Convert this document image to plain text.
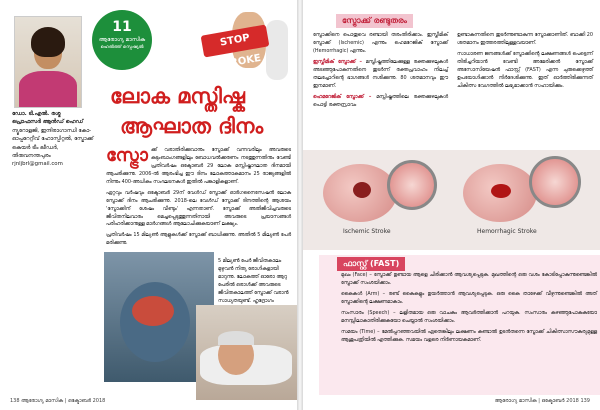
ഡോ. ടി.എൽ. രശ്മ
പ്രൊഫസർ ആൻഡ് ഹെഡ്
ന്യൂറോളജി, ഇന്ദിരാഗാന്ധി കോ-ഓപ്പറേറ്റീവ് ഹോസ്പിറ്റൽ, സ്ട്രോക്ക് കെയർ ടീം ലീഡർ, തിരുവനന്തപുരം
rjnljbrl@gmail.com
11
ആരോഗ്യ മാസിക
ഹെൽത്ത് സ്പെഷ്യൽ	STOP STROKE
ലോക മസ്തിഷ്ക
ആഘാത ദിനം
സ്ട്രോ ക്ക് വരാതിരിക്കുവാനും സ്ട്രോക്ക് വന്നവരിലും അവരുടെ കുടുംബാംഗങ്ങളിലും ബോധവൽക്കരണം നടത്തുന്നതിനും വേണ്ടി പ്രതിവർഷം ഒക്ടോബർ 29 ലോക മസ്തിഷ്കാഘാത ദിനമായി ആചരിക്കുന്നു. 2006-ൽ ആരംഭിച്ച ഈ ദിനം ലോകത്താകമാനം 25 രാജ്യങ്ങളിൽ നിന്നും 400-അധികം സംഘടനകൾ ഇതിൽ പങ്കാളികളാണ്.
ഏറ്റവും വർഷവും ഒക്ടോബർ 29ന് വേൾഡ് സ്ട്രോക്ക് ഓർഗനൈസേഷൻ ലോക സ്ട്രോക്ക് ദിനം ആചരിക്കുന്നു. 2018-ലെ വേൾഡ് സ്ട്രോക്ക് ദിനത്തിന്റെ ആശയം 'സ്ട്രോക്കിന് ശേഷം വീണ്ടും' എന്നതാണ്. സ്ട്രോക്ക് അതിജീവിച്ചവരുടെ ജീവിതനിലവാരം മെച്ചപ്പെടുത്തുന്നതിനായി അവരുടെ പ്രയാസങ്ങൾ പരിഹരിക്കാനുള്ള മാർഗങ്ങൾ ആലോചിക്കുകയാണ് ലക്ഷ്യം.
പ്രതിവർഷം 15 മില്യൺ ആളുകൾക്ക് സ്ട്രോക്ക് ബാധിക്കുന്നു. അതിൽ 5 മില്യൺ പേർ മരിക്കുന്നു.
5 മില്യൺ പേർ ജീവിതകാലം മുഴുവൻ നിത്യ രോഗികളായി മാറുന്നു. ലോകത്ത് ഓരോ ആറു പേരിൽ ഒരാൾക്ക് അവരുടെ ജീവിതകാലത്ത് സ്ട്രോക്ക് വരാൻ സാധ്യതയുണ്ട്. ഹൃദ്രോഗം
138 ആരോഗ്യ മാസിക | ഒക്ടോബർ 2018
സ്ട്രോക്ക് രണ്ടുതരം
സ്ട്രോക്കിനെ പൊതുവെ രണ്ടായി തരംതിരിക്കാം. ഇസ്കീമിക് സ്ട്രോക്ക് (Ischemic) എന്നും ഹെമറേജിക് സ്ട്രോക്ക് (Hemorrhagic) എന്നും.
ഇസ്കീമിക് സ്ട്രോക്ക് – മസ്തിഷ്കത്തിലേക്കുള്ള രക്തക്കുഴലുകൾ അടഞ്ഞുപോകുന്നതിനെ തുടർന്ന് രക്തപ്രവാഹം നിലച്ച് തലച്ചോറിന്റെ ഭാഗങ്ങൾ നശിക്കുന്നു. 80 ശതമാനവും ഈ ഇനമാണ്.
ഹെമറേജിക് സ്ട്രോക്ക് – മസ്തിഷ്കത്തിലെ രക്തക്കുഴലുകൾ പൊട്ടി രക്തസ്രാവം
ഉണ്ടാകുന്നതിനെ തുടർന്നുണ്ടാകുന്ന സ്ട്രോക്കാണിത്. ബാക്കി 20 ശതമാനം ഇത്തരത്തിലുള്ളവയാണ്.
സാധാരണ ജനങ്ങൾക്ക് സ്ട്രോക്കിന്റെ ലക്ഷണങ്ങൾ പെട്ടെന്ന് തിരിച്ചറിയാൻ വേണ്ടി അമേരിക്കൻ സ്ട്രോക്ക് അസോസിയേഷൻ ഫാസ്റ്റ് (FAST) എന്ന ചുരുക്കെഴുത്ത് ഉപയോഗിക്കാൻ നിർദേശിക്കുന്നു. ഇത് ഓർത്തിരിക്കുന്നത് ചികിത്സ വേഗത്തിൽ ലഭ്യമാക്കാൻ സഹായിക്കും.
Ischemic Stroke	Hemorrhagic Stroke
ഫാസ്റ്റ് (FAST)

മുഖം (Face) – സ്ട്രോക്ക് ഉണ്ടായ ആളെ ചിരിക്കാൻ ആവശ്യപ്പെടുക. മുഖത്തിന്റെ ഒരു വശം കോടിപ്പോകുന്നുണ്ടെങ്കിൽ സ്ട്രോക്ക് സംശയിക്കാം.

കൈകൾ (Arm) – രണ്ട് കൈകളും ഉയർത്താൻ ആവശ്യപ്പെടുക. ഒരു കൈ താഴേക്ക് വീഴുന്നുണ്ടെങ്കിൽ അത് സ്ട്രോക്കിന്റെ ലക്ഷണമാകാം.

സംസാരം (Speech) – ലളിതമായ ഒരു വാചകം ആവർത്തിക്കാൻ പറയുക. സംസാരം കുഴഞ്ഞുപോകുകയോ മനസ്സിലാകാതിരിക്കുകയോ ചെയ്താൽ സംശയിക്കാം.

സമയം (Time) – മേൽപ്പറഞ്ഞവയിൽ ഏതെങ്കിലും ലക്ഷണം കണ്ടാൽ ഉടൻതന്നെ സ്ട്രോക്ക് ചികിത്സാസൗകര്യമുള്ള ആശുപത്രിയിൽ എത്തിക്കുക. സമയം വളരെ നിർണായകമാണ്.

ആരോഗ്യ മാസിക | ഒക്ടോബർ 2018 139
